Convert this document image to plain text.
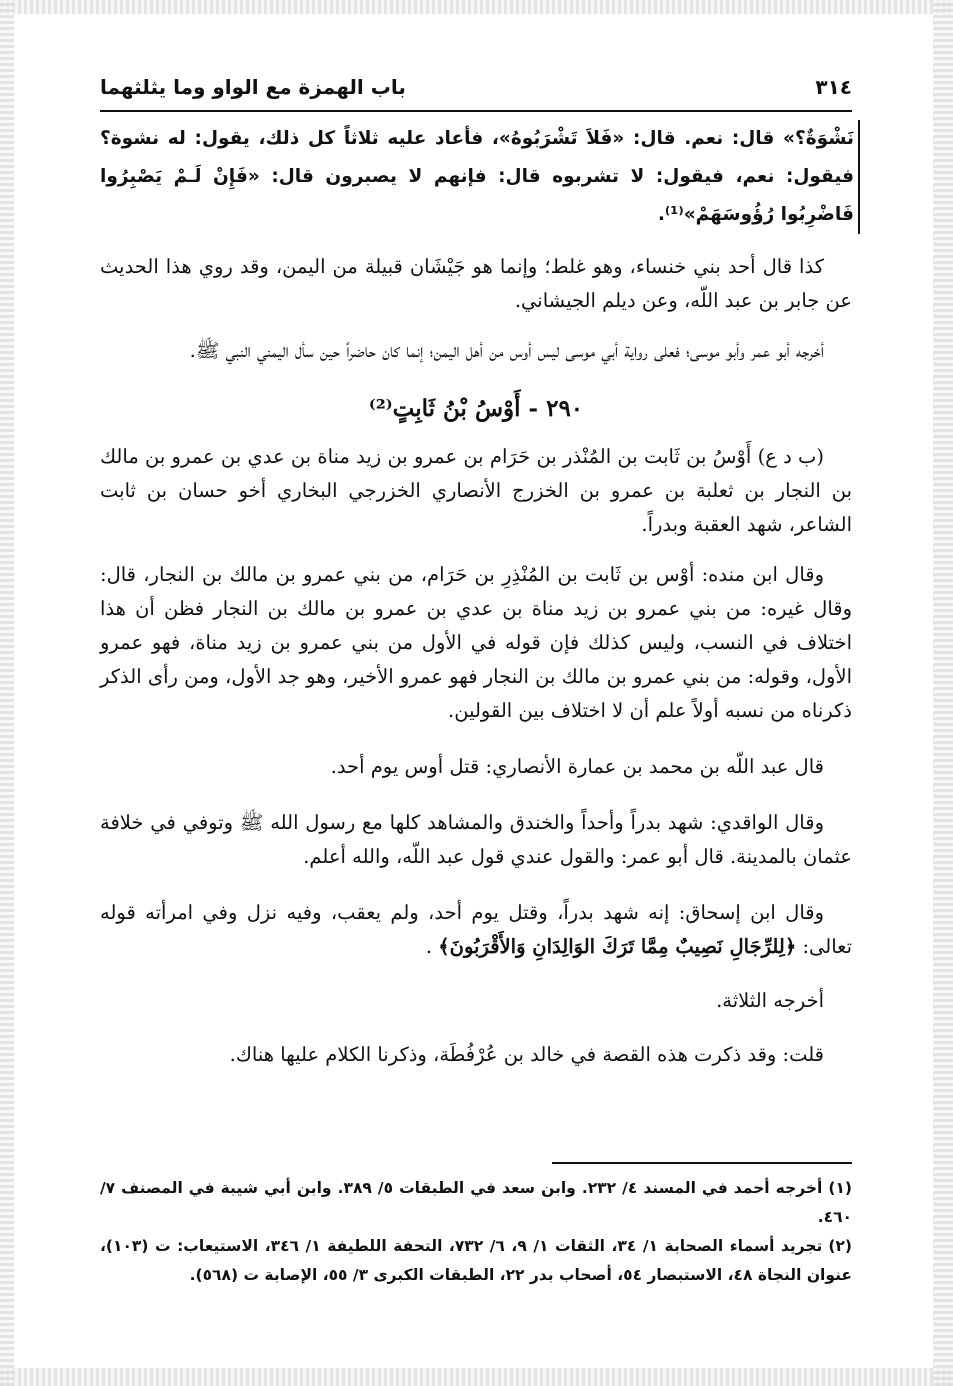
٣١٤
باب الهمزة مع الواو وما يثلثهما

نَشْوَةٌ؟» قال: نعم. قال: «فَلاَ تَشْرَبُوهُ»، فأعاد عليه ثلاثاً كل ذلك، يقول: له نشوة؟ فيقول: نعم، فيقول: لا تشربوه قال: فإنهم لا يصبرون قال: «فَإِنْ لَـمْ يَصْبِرُوا فَاضْرِبُوا رُؤُوسَهَمْ»⁽¹⁾.

كذا قال أحد بني خنساء، وهو غلط؛ وإنما هو جَيْشَان قبيلة من اليمن، وقد روي هذا الحديث عن جابر بن عبد اللّه، وعن ديلم الجيشاني.

أخرجه أبو عمر وأبو موسى؛ فعلى رواية أبي موسى ليس أوس من أهل اليمن؛ إنما كان حاضراً حين سأل اليمني النبي ﷺ.

٢٩٠ - أَوْسُ بْنُ ثَابِتٍ⁽²⁾

(ب د ع) أَوْسُ بن ثَابت بن المُنْذر بن حَرَام بن عمرو بن زيد مناة بن عدي بن عمرو بن مالك بن النجار بن ثعلبة بن عمرو بن الخزرج الأنصاري الخزرجي البخاري أخو حسان بن ثابت الشاعر، شهد العقبة وبدراً.

وقال ابن منده: أوْس بن ثَابت بن المُنْذِرِ بن حَرَام، من بني عمرو بن مالك بن النجار، قال: وقال غيره: من بني عمرو بن زيد مناة بن عدي بن عمرو بن مالك بن النجار فظن أن هذا اختلاف في النسب، وليس كذلك فإن قوله في الأول من بني عمرو بن زيد مناة، فهو عمرو الأول، وقوله: من بني عمرو بن مالك بن النجار فهو عمرو الأخير، وهو جد الأول، ومن رأى الذكر ذكرناه من نسبه أولاً علم أن لا اختلاف بين القولين.

قال عبد اللّه بن محمد بن عمارة الأنصاري: قتل أوس يوم أحد.

وقال الواقدي: شهد بدراً وأحداً والخندق والمشاهد كلها مع رسول الله ﷺ وتوفي في خلافة عثمان بالمدينة. قال أبو عمر: والقول عندي قول عبد اللّه، والله أعلم.

وقال ابن إسحاق: إنه شهد بدراً، وقتل يوم أحد، ولم يعقب، وفيه نزل وفي امرأته قوله تعالى: ﴿لِلرِّجَالِ نَصِيبٌ مِمَّا تَرَكَ الوَالِدَانِ وَالأَقْرَبُونَ﴾ .

أخرجه الثلاثة.

قلت: وقد ذكرت هذه القصة في خالد بن عُرْفُطَة، وذكرنا الكلام عليها هناك.

(١)أخرجه أحمد في المسند ٤/ ٢٣٢. وابن سعد في الطبقات ٥/ ٣٨٩. وابن أبي شيبة في المصنف ٧/ ٤٦٠.

(٢)تجريد أسماء الصحابة ١/ ٣٤، الثقات ١/ ٩، ٦/ ٧٣٢، التحفة اللطيفة ١/ ٣٤٦، الاستيعاب: ت (١٠٣)، عنوان النجاة ٤٨، الاستبصار ٥٤، أصحاب بدر ٢٢، الطبقات الكبرى ٣/ ٥٥، الإصابة ت (٥٦٨).
